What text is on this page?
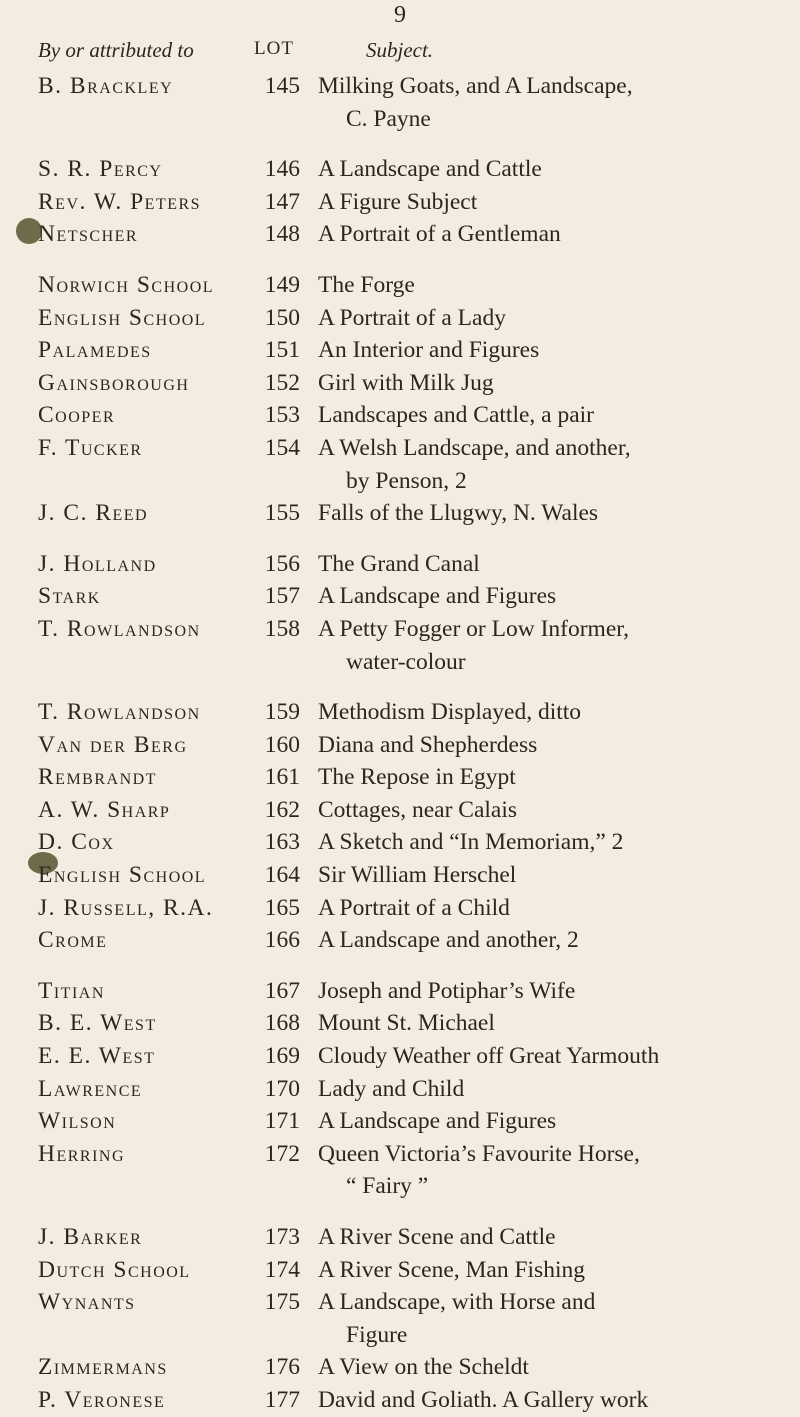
9
By or attributed to	LOT	Subject.
B. Brackley	145 Milking Goats, and A Landscape,
C. Payne
S. R. Percy	146 A Landscape and Cattle
Rev. W. Peters	147 A Figure Subject
Netscher	148 A Portrait of a Gentleman
Norwich School	149 The Forge
English School	150 A Portrait of a Lady
Palamedes	151 An Interior and Figures
Gainsborough	152 Girl with Milk Jug
Cooper	153 Landscapes and Cattle, a pair
F. Tucker	154 A Welsh Landscape, and another,
by Penson, 2
J. C. Reed	155 Falls of the Llugwy, N. Wales
J. Holland	156 The Grand Canal
Stark	157 A Landscape and Figures
T. Rowlandson	158 A Petty Fogger or Low Informer,
water-colour
T. Rowlandson	159 Methodism Displayed, ditto
Van der Berg	160 Diana and Shepherdess
Rembrandt	161 The Repose in Egypt
A. W. Sharp	162 Cottages, near Calais
D. Cox	163 A Sketch and “In Memoriam,” 2
English School	164 Sir William Herschel
J. Russell, R.A.	165 A Portrait of a Child
Crome	166 A Landscape and another, 2
Titian	167 Joseph and Potiphar’s Wife
B. E. West	168 Mount St. Michael
E. E. West	169 Cloudy Weather off Great Yarmouth
Lawrence	170 Lady and Child
Wilson	171 A Landscape and Figures
Herring	172 Queen Victoria’s Favourite Horse,
“ Fairy ”
J. Barker	173 A River Scene and Cattle
Dutch School	174 A River Scene, Man Fishing
Wynants	175 A Landscape, with Horse and
Figure
Zimmermans	176 A View on the Scheldt
P. Veronese	177 David and Goliath. A Gallery work
